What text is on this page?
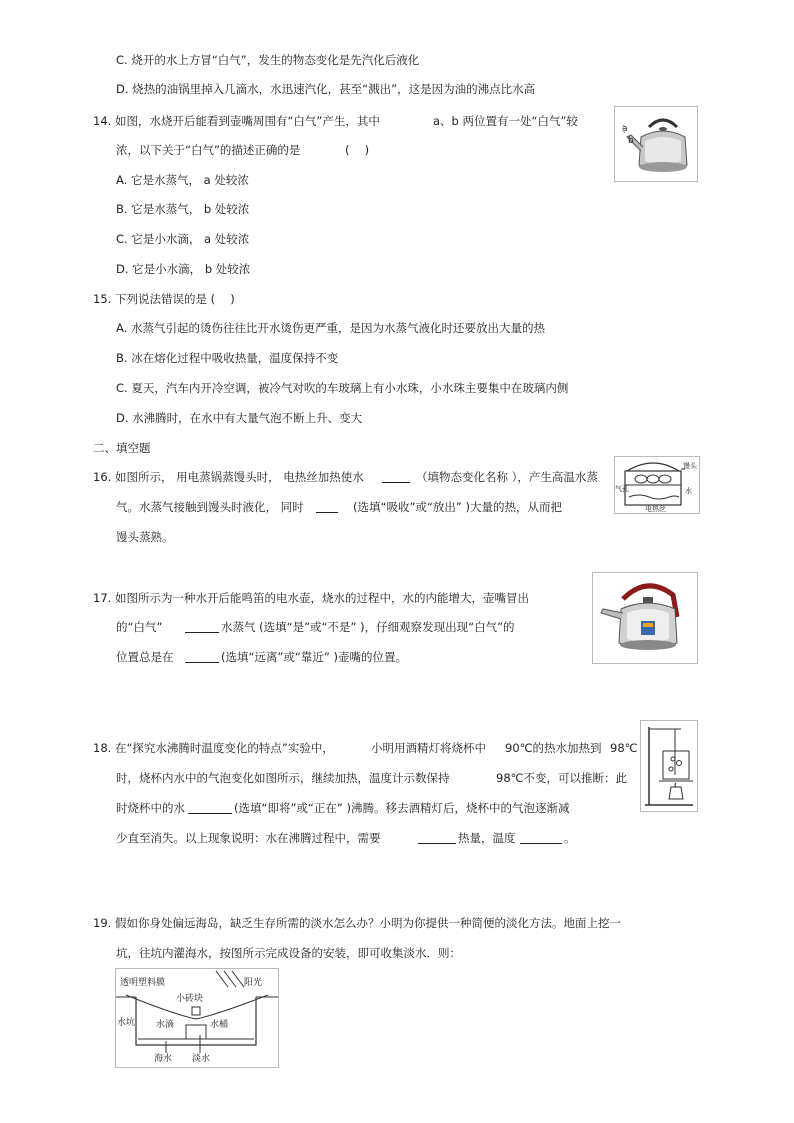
C. 烧开的水上方冒“白气”，发生的物态变化是先汽化后液化
D. 烧热的油锅里掉入几滴水，水迅速汽化，甚至“溅出”，这是因为油的沸点比水高
14. 如图，水烧开后能看到壶嘴周围有“白气”产生，其中	a、b 两位置有一处“白气”较
浓，以下关于“白气”的描述正确的是	(　 )
A. 它是水蒸气， a 处较浓
B. 它是水蒸气， b 处较浓
C. 它是小水滴， a 处较浓
D. 它是小水滴， b 处较浓
a
b
15. 下列说法错误的是 (　 )
A. 水蒸气引起的烫伤往往比开水烫伤更严重，是因为水蒸气液化时还要放出大量的热
B. 冰在熔化过程中吸收热量，温度保持不变
C. 夏天，汽车内开冷空调，被冷气对吹的车玻璃上有小水珠，小水珠主要集中在玻璃内侧
D. 水沸腾时，在水中有大量气泡不断上升、变大
二、填空题
16. 如图所示， 用电蒸锅蒸馒头时， 电热丝加热使水	（填物态变化名称 ），产生高温水蒸
气。水蒸气接触到馒头时液化， 同时	(选填“吸收”或“放出” )大量的热，从而把
馒头蒸熟。
馒头
气孔	水
电热丝
17. 如图所示为一种水开后能鸣笛的电水壶，烧水的过程中，水的内能增大，壶嘴冒出
的“白气”	水蒸气 (选填“是”或“不是” )，仔细观察发现出现“白气”的
位置总是在	(选填“远离”或“靠近” )壶嘴的位置。
18. 在“探究水沸腾时温度变化的特点”实验中，	小明用酒精灯将烧杯中 90℃的热水加热到 98℃
时，烧杯内水中的气泡变化如图所示，继续加热，温度计示数保持	98℃不变，可以推断：此
时烧杯中的水	(选填“即将”或“正在” )沸腾。移去酒精灯后，烧杯中的气泡逐渐减
少直至消失。以上现象说明：水在沸腾过程中，需要	热量，温度	。
19. 假如你身处偏远海岛，缺乏生存所需的淡水怎么办？小明为你提供一种简便的淡化方法。地面上挖一
坑，往坑内灌海水，按图所示完成设备的安装，即可收集淡水．则：
透明塑料膜	阳光
小砖块
水坑 水滴	水桶
海水 淡水
